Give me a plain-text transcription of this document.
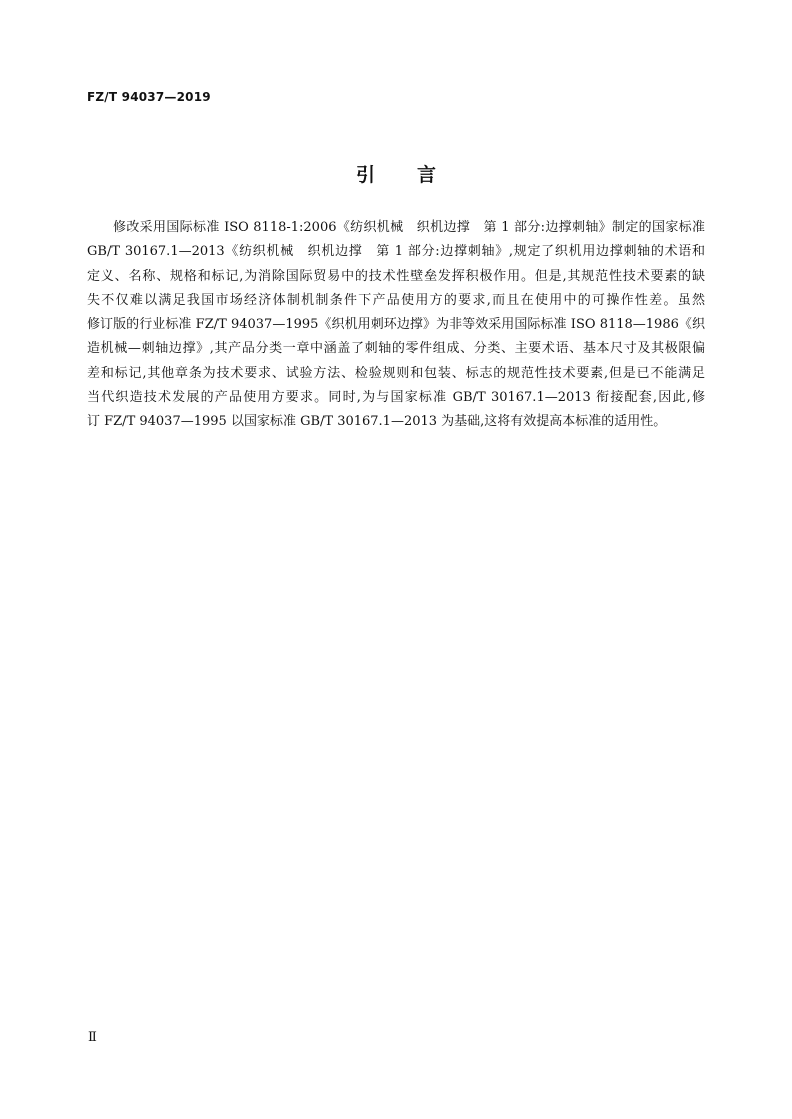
FZ/T 94037—2019
引言

修改采用国际标准 ISO 8118-1:2006《纺织机械　织机边撑　第 1 部分:边撑刺轴》制定的国家标准
GB/T 30167.1—2013《纺织机械　织机边撑　第 1 部分:边撑刺轴》,规定了织机用边撑刺轴的术语和
定义、名称、规格和标记,为消除国际贸易中的技术性壁垒发挥积极作用。但是,其规范性技术要素的缺
失不仅难以满足我国市场经济体制机制条件下产品使用方的要求,而且在使用中的可操作性差。虽然
修订版的行业标准 FZ/T 94037—1995《织机用刺环边撑》为非等效采用国际标准 ISO 8118—1986《织
造机械—刺轴边撑》,其产品分类一章中涵盖了刺轴的零件组成、分类、主要术语、基本尺寸及其极限偏
差和标记,其他章条为技术要求、试验方法、检验规则和包装、标志的规范性技术要素,但是已不能满足
当代织造技术发展的产品使用方要求。同时,为与国家标准 GB/T 30167.1—2013 衔接配套,因此,修
订 FZ/T 94037—1995 以国家标准 GB/T 30167.1—2013 为基础,这将有效提高本标准的适用性。

Ⅱ
